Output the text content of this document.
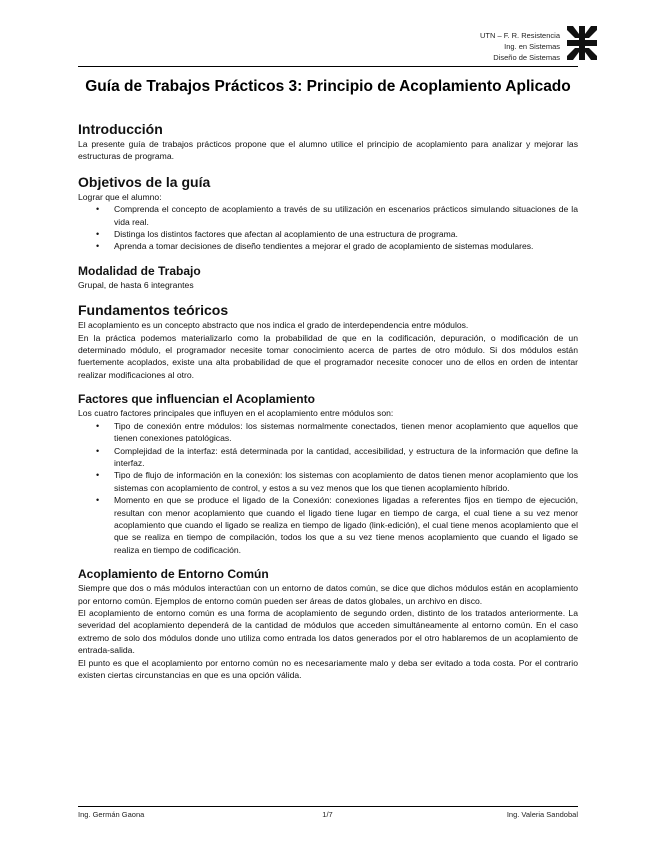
UTN – F. R. Resistencia
Ing. en Sistemas
Diseño de Sistemas
Guía de Trabajos Prácticos 3: Principio de Acoplamiento Aplicado
Introducción

La presente guía de trabajos prácticos propone que el alumno utilice el principio de acoplamiento para analizar y mejorar las estructuras de programa.

Objetivos de la guía

Lograr que el alumno:

• Comprenda el concepto de acoplamiento a través de su utilización en escenarios prácticos simulando situaciones de la vida real.
• Distinga los distintos factores que afectan al acoplamiento de una estructura de programa.
• Aprenda a tomar decisiones de diseño tendientes a mejorar el grado de acoplamiento de sistemas modulares.
Modalidad de Trabajo

Grupal, de hasta 6 integrantes

Fundamentos teóricos

El acoplamiento es un concepto abstracto que nos indica el grado de interdependencia entre módulos.

En la práctica podemos materializarlo como la probabilidad de que en la codificación, depuración, o modificación de un determinado módulo, el programador necesite tomar conocimiento acerca de partes de otro módulo. Si dos módulos están fuertemente acoplados, existe una alta probabilidad de que el programador necesite conocer uno de ellos en orden de intentar realizar modificaciones al otro.

Factores que influencian el Acoplamiento

Los cuatro factores principales que influyen en el acoplamiento entre módulos son:

• Tipo de conexión entre módulos: los sistemas normalmente conectados, tienen menor acoplamiento que aquellos que tienen conexiones patológicas.
• Complejidad de la interfaz: está determinada por la cantidad, accesibilidad, y estructura de la información que define la interfaz.
• Tipo de flujo de información en la conexión: los sistemas con acoplamiento de datos tienen menor acoplamiento que los sistemas con acoplamiento de control, y estos a su vez menos que los que tienen acoplamiento híbrido.
• Momento en que se produce el ligado de la Conexión: conexiones ligadas a referentes fijos en tiempo de ejecución, resultan con menor acoplamiento que cuando el ligado tiene lugar en tiempo de carga, el cual tiene a su vez menor acoplamiento que cuando el ligado se realiza en tiempo de ligado (link-edición), el cual tiene menos acoplamiento que el que se realiza en tiempo de compilación, todos los que a su vez tiene menos acoplamiento que cuando el ligado se realiza en tiempo de codificación.
Acoplamiento de Entorno Común

Siempre que dos o más módulos interactúan con un entorno de datos común, se dice que dichos módulos están en acoplamiento por entorno común. Ejemplos de entorno común pueden ser áreas de datos globales, un archivo en disco.

El acoplamiento de entorno común es una forma de acoplamiento de segundo orden, distinto de los tratados anteriormente. La severidad del acoplamiento dependerá de la cantidad de módulos que acceden simultáneamente al entorno común. En el caso extremo de solo dos módulos donde uno utiliza como entrada los datos generados por el otro hablaremos de un acoplamiento de entrada-salida.

El punto es que el acoplamiento por entorno común no es necesariamente malo y deba ser evitado a toda costa. Por el contrario existen ciertas circunstancias en que es una opción válida.

Ing. Germán Gaona	1/7	Ing. Valeria Sandobal
